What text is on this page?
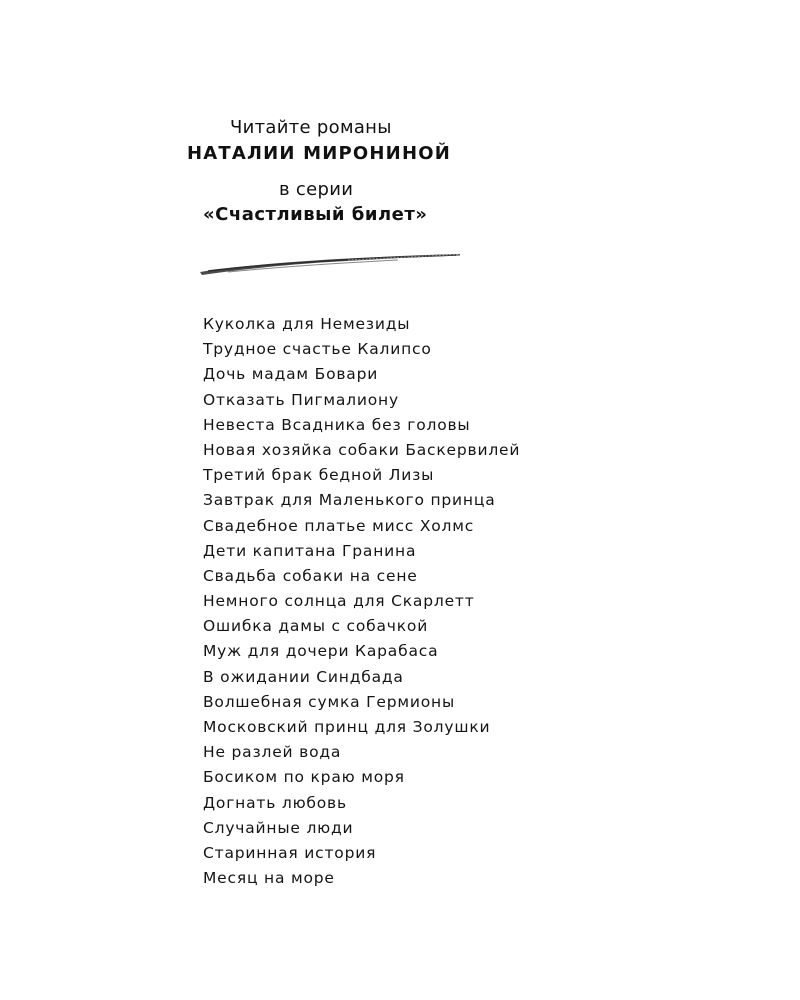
Читайте романы

НАТАЛИИ МИРОНИНОЙ

в серии

«Счастливый билет»

Куколка для Немезиды
Трудное счастье Калипсо
Дочь мадам Бовари
Отказать Пигмалиону
Невеста Всадника без головы
Новая хозяйка собаки Баскервилей
Третий брак бедной Лизы
Завтрак для Маленького принца
Свадебное платье мисс Холмс
Дети капитана Гранина
Свадьба собаки на сене
Немного солнца для Скарлетт
Ошибка дамы с собачкой
Муж для дочери Карабаса
В ожидании Синдбада
Волшебная сумка Гермионы
Московский принц для Золушки
Не разлей вода
Босиком по краю моря
Догнать любовь
Случайные люди
Старинная история
Месяц на море
